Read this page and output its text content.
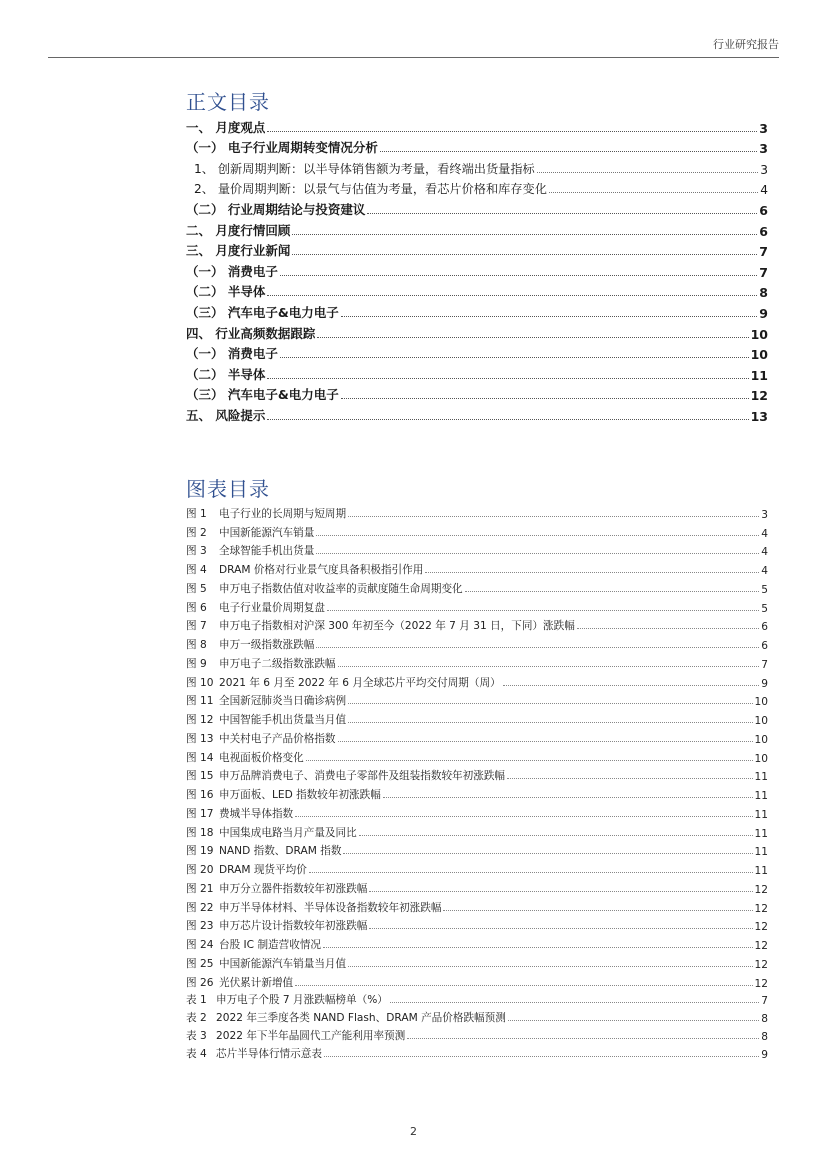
行业研究报告
正文目录
一、 月度观点	3
（一） 电子行业周期转变情况分析	3
1、 创新周期判断：以半导体销售额为考量，看终端出货量指标	3
2、 量价周期判断：以景气与估值为考量，看芯片价格和库存变化	4
（二） 行业周期结论与投资建议	6
二、 月度行情回顾	6
三、 月度行业新闻	7
（一） 消费电子	7
（二） 半导体	8
（三） 汽车电子&电力电子	9
四、 行业高频数据跟踪	10
（一） 消费电子	10
（二） 半导体	11
（三） 汽车电子&电力电子	12
五、 风险提示	13
图表目录
图 1 电子行业的长周期与短周期	3
图 2 中国新能源汽车销量	4
图 3 全球智能手机出货量	4
图 4 DRAM 价格对行业景气度具备积极指引作用	4
图 5 申万电子指数估值对收益率的贡献度随生命周期变化	5
图 6 电子行业量价周期复盘	5
图 7 申万电子指数相对沪深 300 年初至今（2022 年 7 月 31 日，下同）涨跌幅	6
图 8 申万一级指数涨跌幅	6
图 9 申万电子二级指数涨跌幅	7
图 10 2021 年 6 月至 2022 年 6 月全球芯片平均交付周期（周）	9
图 11 全国新冠肺炎当日确诊病例	10
图 12 中国智能手机出货量当月值	10
图 13 中关村电子产品价格指数	10
图 14 电视面板价格变化	10
图 15 申万品牌消费电子、消费电子零部件及组装指数较年初涨跌幅	11
图 16 申万面板、LED 指数较年初涨跌幅	11
图 17 费城半导体指数	11
图 18 中国集成电路当月产量及同比	11
图 19 NAND 指数、DRAM 指数	11
图 20 DRAM 现货平均价	11
图 21 申万分立器件指数较年初涨跌幅	12
图 22 申万半导体材料、半导体设备指数较年初涨跌幅	12
图 23 申万芯片设计指数较年初涨跌幅	12
图 24 台股 IC 制造营收情况	12
图 25 中国新能源汽车销量当月值	12
图 26 光伏累计新增值	12
表 1 申万电子个股 7 月涨跌幅榜单（%）	7
表 2 2022 年三季度各类 NAND Flash、DRAM 产品价格跌幅预测	8
表 3 2022 年下半年晶圆代工产能利用率预测	8
表 4 芯片半导体行情示意表	9
2
